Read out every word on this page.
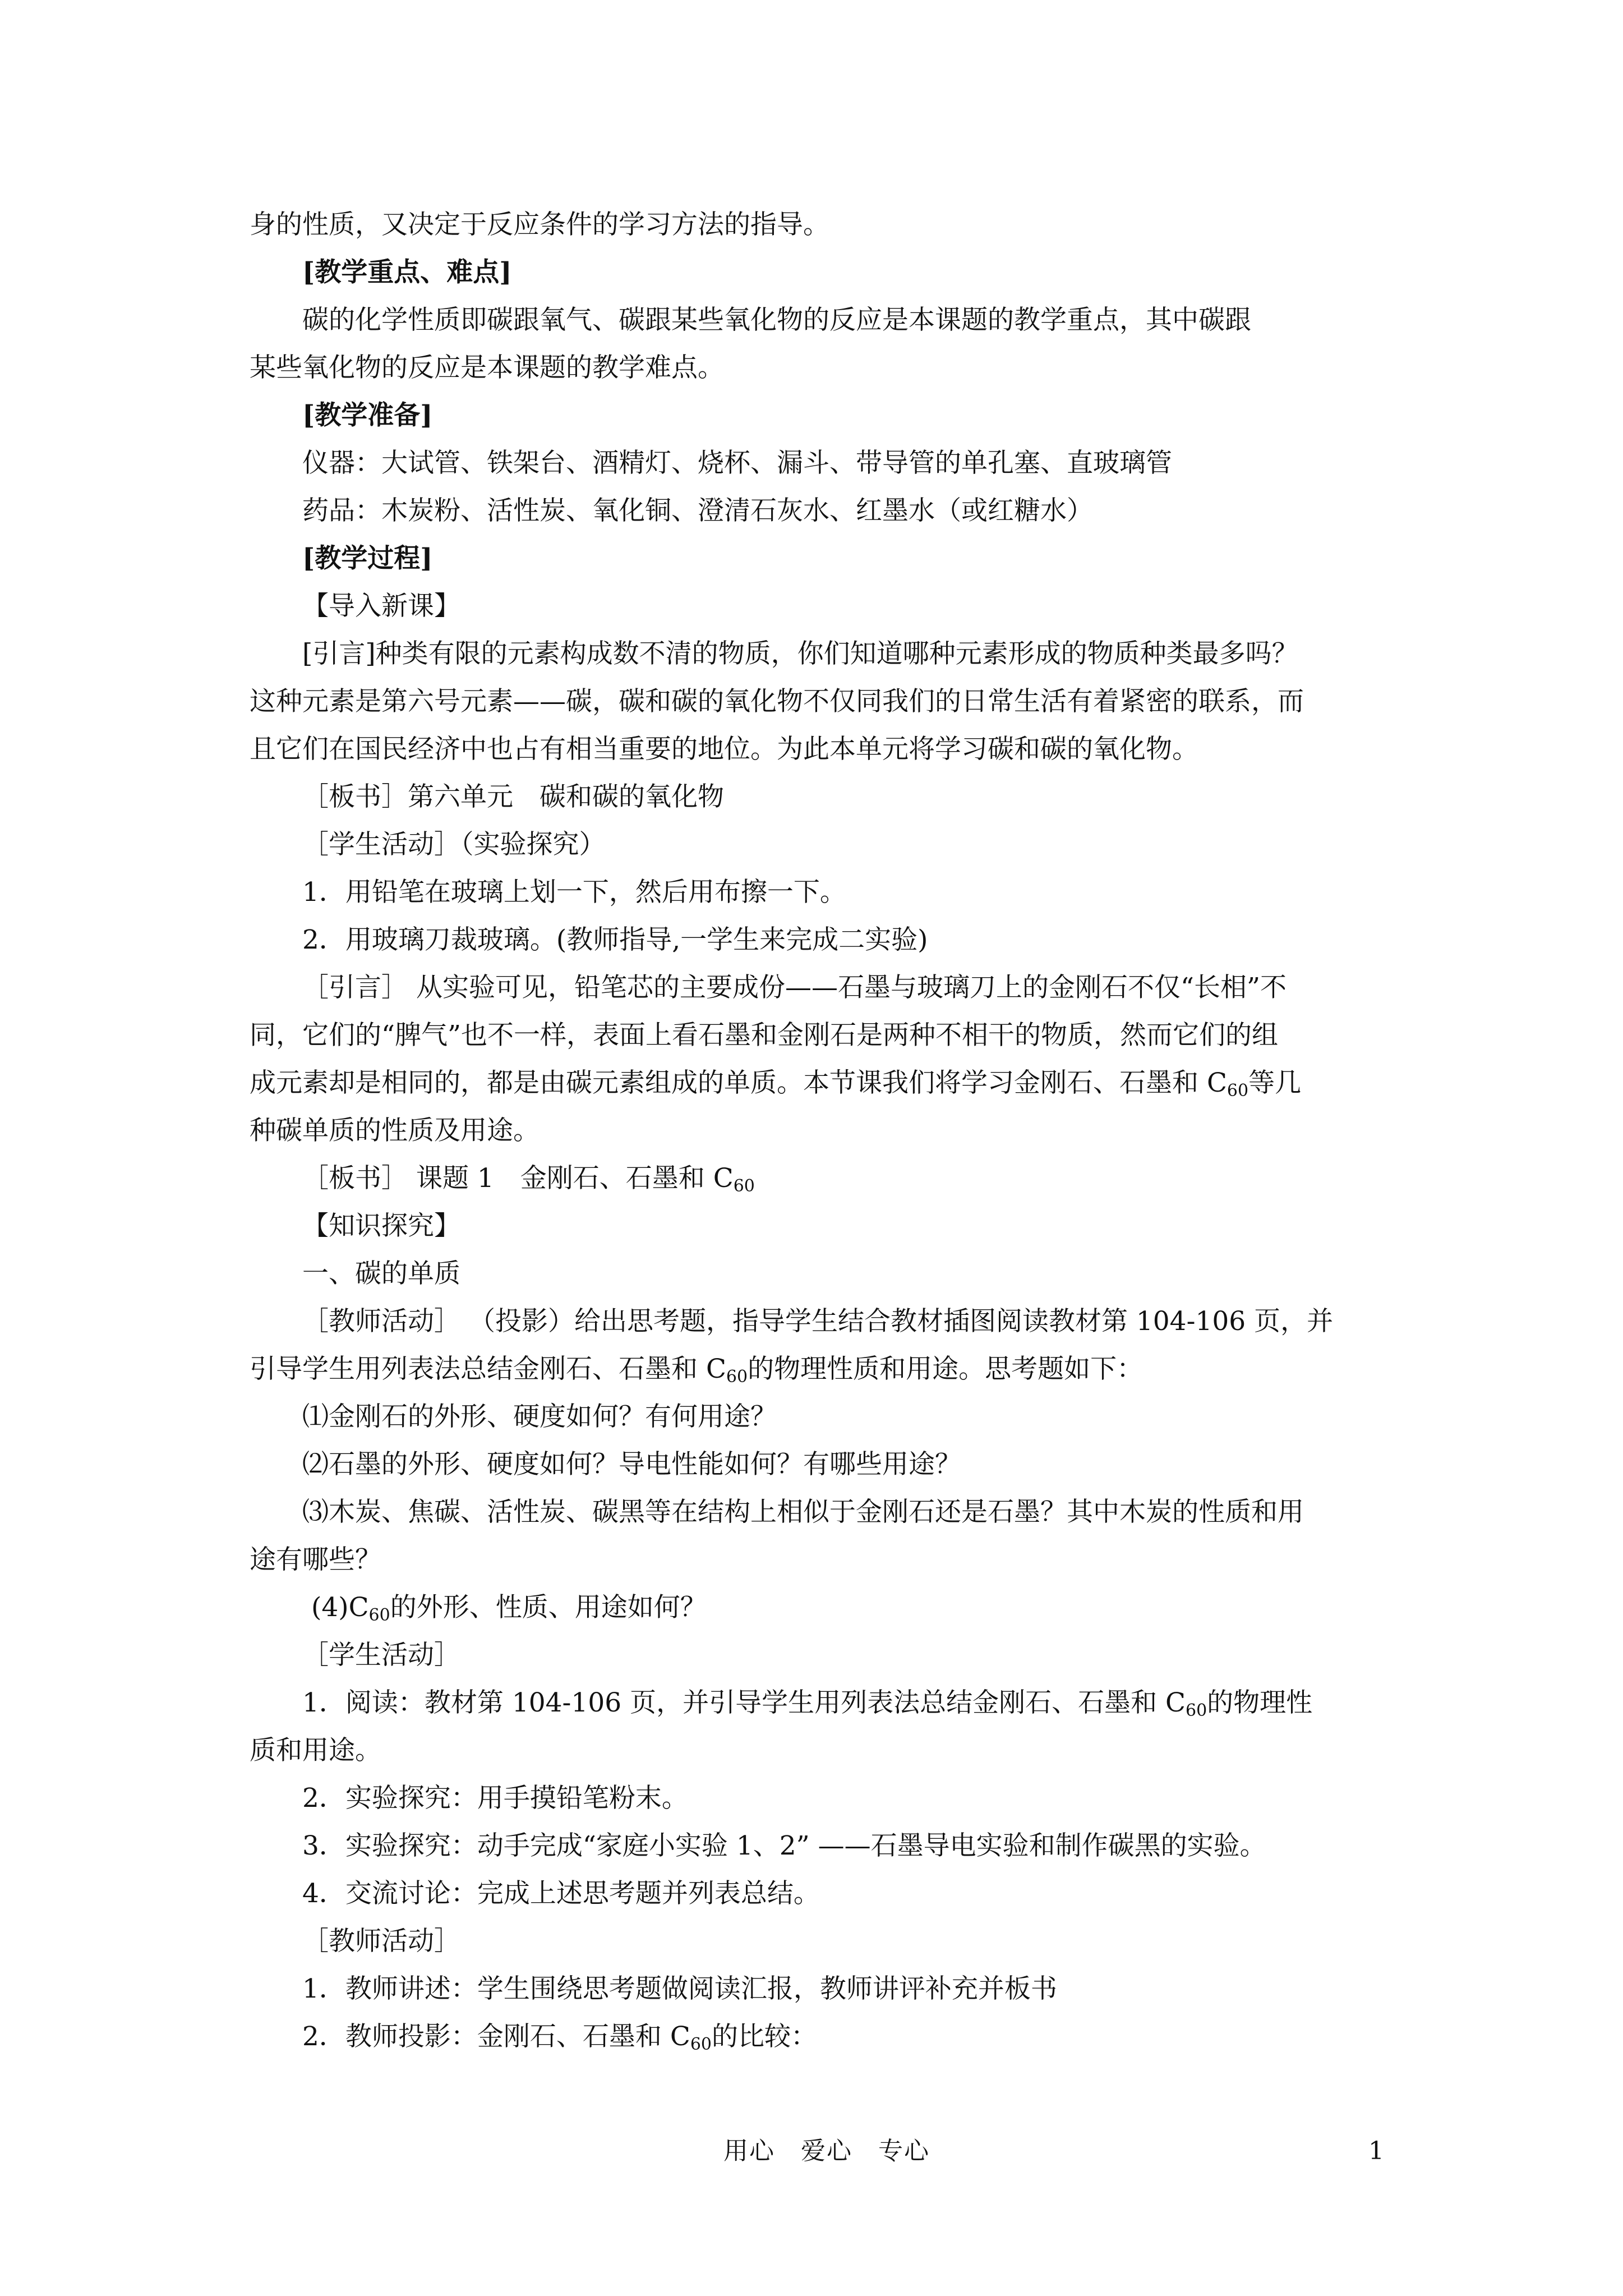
身的性质，又决定于反应条件的学习方法的指导。
[教学重点、难点]
碳的化学性质即碳跟氧气、碳跟某些氧化物的反应是本课题的教学重点，其中碳跟
某些氧化物的反应是本课题的教学难点。
[教学准备]
仪器：大试管、铁架台、酒精灯、烧杯、漏斗、带导管的单孔塞、直玻璃管
药品：木炭粉、活性炭、氧化铜、澄清石灰水、红墨水（或红糖水）
[教学过程]
【导入新课】
[引言]种类有限的元素构成数不清的物质，你们知道哪种元素形成的物质种类最多吗？
这种元素是第六号元素——碳，碳和碳的氧化物不仅同我们的日常生活有着紧密的联系，而
且它们在国民经济中也占有相当重要的地位。为此本单元将学习碳和碳的氧化物。
［板书］第六单元　碳和碳的氧化物
［学生活动］（实验探究）
1．用铅笔在玻璃上划一下，然后用布擦一下。
2．用玻璃刀裁玻璃。(教师指导,一学生来完成二实验)
［引言］ 从实验可见，铅笔芯的主要成份——石墨与玻璃刀上的金刚石不仅“长相”不
同，它们的“脾气”也不一样，表面上看石墨和金刚石是两种不相干的物质，然而它们的组
成元素却是相同的，都是由碳元素组成的单质。本节课我们将学习金刚石、石墨和 $C_{60}$等几
种碳单质的性质及用途。
［板书］ 课题 1　金刚石、石墨和 $C_{60}$
【知识探究】
一、碳的单质
［教师活动］ （投影）给出思考题，指导学生结合教材插图阅读教材第 104-106 页，并
引导学生用列表法总结金刚石、石墨和 $C_{60}$的物理性质和用途。思考题如下：
⑴金刚石的外形、硬度如何？有何用途？
⑵石墨的外形、硬度如何？导电性能如何？有哪些用途？
⑶木炭、焦碳、活性炭、碳黑等在结构上相似于金刚石还是石墨？其中木炭的性质和用
途有哪些？
$(4)C_{60}$的外形、性质、用途如何？
［学生活动］
1．阅读：教材第 104-106 页，并引导学生用列表法总结金刚石、石墨和 $C_{60}$的物理性
质和用途。
2．实验探究：用手摸铅笔粉末。
3．实验探究：动手完成“家庭小实验 1、2” ——石墨导电实验和制作碳黑的实验。
4．交流讨论：完成上述思考题并列表总结。
［教师活动］
1．教师讲述：学生围绕思考题做阅读汇报，教师讲评补充并板书
2．教师投影：金刚石、石墨和 $C_{60}$的比较：
用心　爱心　专心	1
